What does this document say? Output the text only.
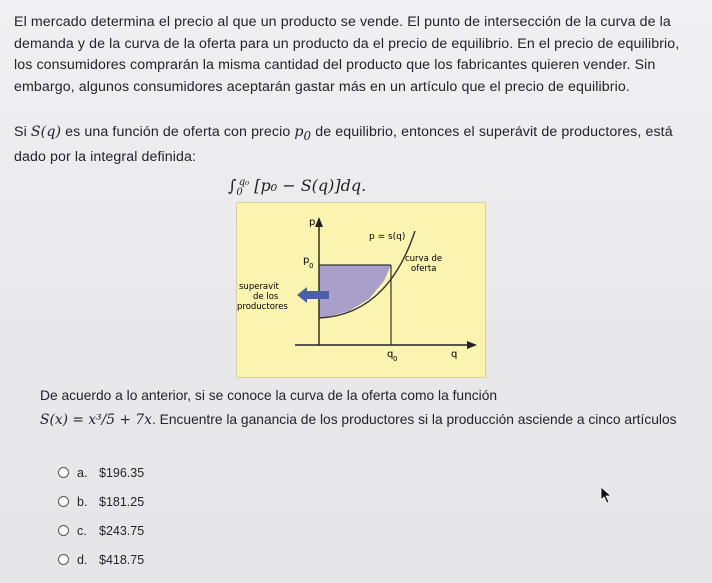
El mercado determina el precio al que un producto se vende. El punto de intersección de la curva de la demanda y de la curva de la oferta para un producto da el precio de equilibrio. En el precio de equilibrio, los consumidores comprarán la misma cantidad del producto que los fabricantes quieren vender. Sin embargo, algunos consumidores aceptarán gastar más en un artículo que el precio de equilibrio.
Si S(q) es una función de oferta con precio $p_0$ de equilibrio, entonces el superávit de productores, está dado por la integral definida:
$\int_0^{q_0}$ [p₀ − S(q)]dq.
p
p = s(q)
p 0
curva de
oferta
superavit
de los
productores
q 0	q
De acuerdo a lo anterior, si se conoce la curva de la oferta como la función
S(x) = x³/5 + 7x. Encuentre la ganancia de los productores si la producción asciende a cinco artículos
a. $196.35
b. $181.25
c. $243.75
d. $418.75
